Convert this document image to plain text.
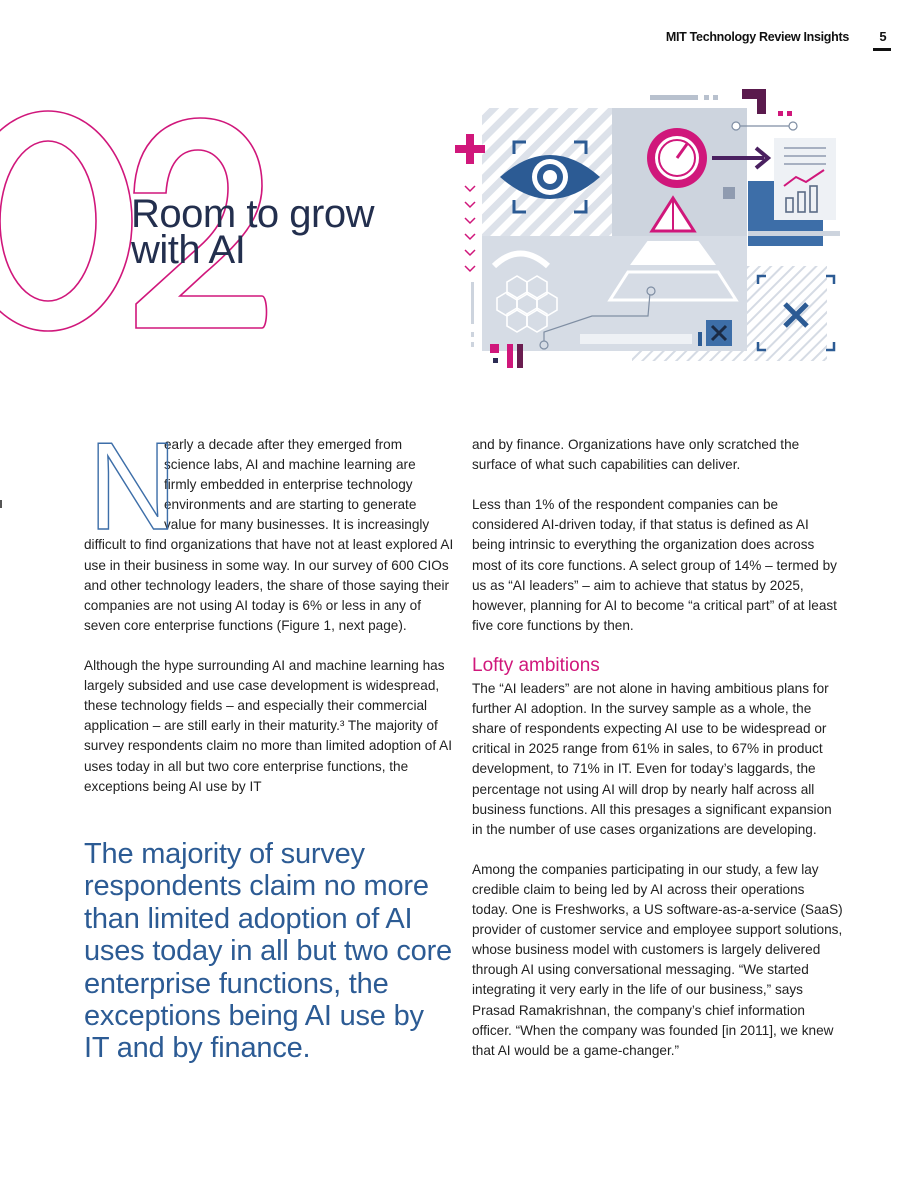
MIT Technology Review Insights	5
Room to grow
with AI
N
early a decade after they emerged from
science labs, AI and machine learning are
firmly embedded in enterprise technology
environments and are starting to generate
value for many businesses. It is increasingly

difficult to find organizations that have not at least explored AI use in their business in some way. In our survey of 600 CIOs and other technology leaders, the share of those saying their companies are not using AI today is 6% or less in any of seven core enterprise functions (Figure 1, next page).

Although the hype surrounding AI and machine learning has largely subsided and use case development is widespread, these technology fields – and especially their commercial application – are still early in their maturity.³ The majority of survey respondents claim no more than limited adoption of AI uses today in all but two core enterprise functions, the exceptions being AI use by IT

The majority of survey respondents claim no more than limited adoption of AI uses today in all but two core enterprise functions, the exceptions being AI use by IT and by finance.

and by finance. Organizations have only scratched the surface of what such capabilities can deliver.

Less than 1% of the respondent companies can be considered AI-driven today, if that status is defined as AI being intrinsic to everything the organization does across most of its core functions. A select group of 14% – termed by us as “AI leaders” – aim to achieve that status by 2025, however, planning for AI to become “a critical part” of at least five core functions by then.

Lofty ambitions

The “AI leaders” are not alone in having ambitious plans for further AI adoption. In the survey sample as a whole, the share of respondents expecting AI use to be widespread or critical in 2025 range from 61% in sales, to 67% in product development, to 71% in IT. Even for today’s laggards, the percentage not using AI will drop by nearly half across all business functions. All this presages a significant expansion in the number of use cases organizations are developing.

Among the companies participating in our study, a few lay credible claim to being led by AI across their operations today. One is Freshworks, a US software-as-a-service (SaaS) provider of customer service and employee support solutions, whose business model with customers is largely delivered through AI using conversational messaging. “We started integrating it very early in the life of our business,” says Prasad Ramakrishnan, the company’s chief information officer. “When the company was founded [in 2011], we knew that AI would be a game-changer.”
